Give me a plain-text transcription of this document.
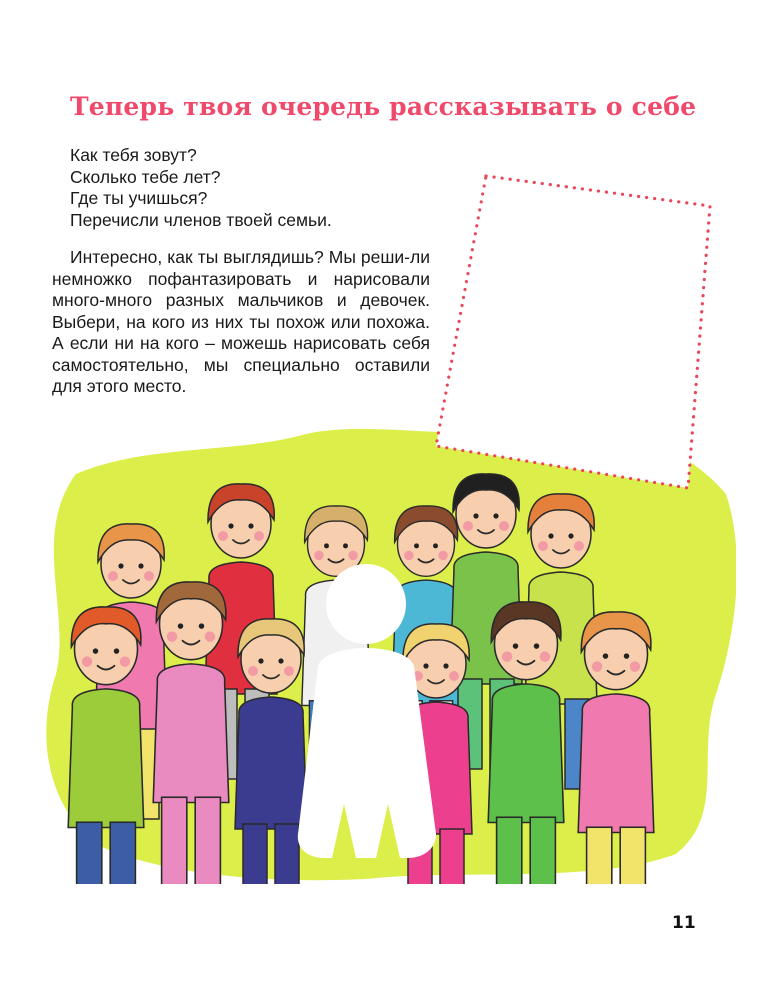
Теперь твоя очередь рассказывать о себе
Как тебя зовут?
Сколько тебе лет?
Где ты учишься?
Перечисли членов твоей семьи.

Интересно, как ты выглядишь? Мы реши-ли немножко пофантазировать и нарисовали много-много разных мальчиков и девочек. Выбери, на кого из них ты похож или похожа. А если ни на кого – можешь нарисовать себя самостоятельно, мы специально оставили для этого место.

11
